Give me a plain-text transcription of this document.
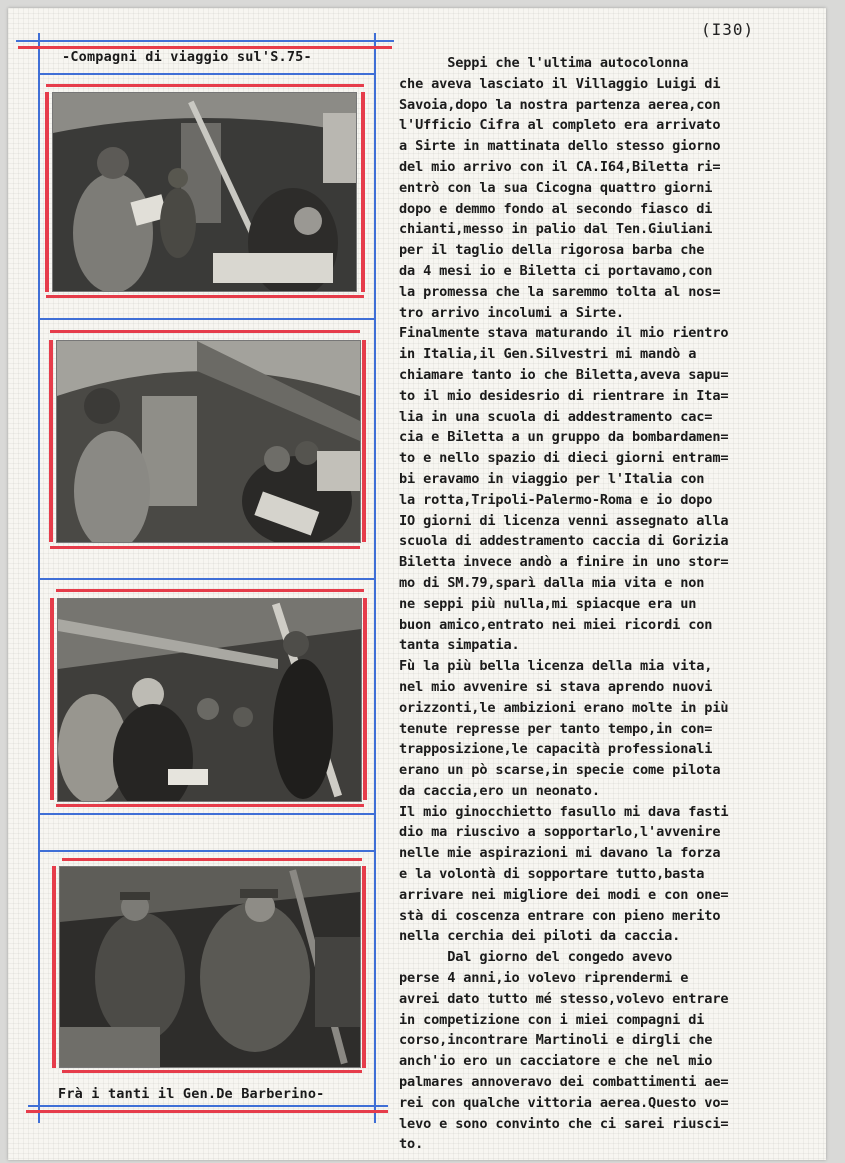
(I30)
-Compagni di viaggio sul'S.75-
Frà i tanti il Gen.De Barberino-
Seppi che l'ultima autocolonna
che aveva lasciato il Villaggio Luigi di
Savoia,dopo la nostra partenza aerea,con
l'Ufficio Cifra al completo era arrivato
a Sirte in mattinata dello stesso giorno
del mio arrivo con il CA.I64,Biletta ri=
entrò con la sua Cicogna quattro giorni
dopo e demmo fondo al secondo fiasco di
chianti,messo in palio dal Ten.Giuliani
per il taglio della rigorosa barba che
da 4 mesi io e Biletta ci portavamo,con
la promessa che la saremmo tolta al nos=
tro arrivo incolumi a Sirte.
Finalmente stava maturando il mio rientro
in Italia,il Gen.Silvestri mi mandò a
chiamare tanto io che Biletta,aveva sapu=
to il mio desidesrio di rientrare in Ita=
lia in una scuola di addestramento cac=
cia e Biletta a un gruppo da bombardamen=
to e nello spazio di dieci giorni entram=
bi eravamo in viaggio per l'Italia con
la rotta,Tripoli-Palermo-Roma e io dopo
IO giorni di licenza venni assegnato alla
scuola di addestramento caccia di Gorizia
Biletta invece andò a finire in uno stor=
mo di SM.79,sparì dalla mia vita e non
ne seppi più nulla,mi spiacque era un
buon amico,entrato nei miei ricordi con
tanta simpatia.
Fù la più bella licenza della mia vita,
nel mio avvenire si stava aprendo nuovi
orizzonti,le ambizioni erano molte in più
tenute represse per tanto tempo,in con=
trapposizione,le capacità professionali
erano un pò scarse,in specie come pilota
da caccia,ero un neonato.
Il mio ginocchietto fasullo mi dava fasti
dio ma riuscivo a sopportarlo,l'avvenire
nelle mie aspirazioni mi davano la forza
e la volontà di sopportare tutto,basta
arrivare nei migliore dei modi e con one=
stà di coscenza entrare con pieno merito
nella cerchia dei piloti da caccia.
Dal giorno del congedo avevo
perse 4 anni,io volevo riprendermi e
avrei dato tutto mé stesso,volevo entrare
in competizione con i miei compagni di
corso,incontrare Martinoli e dirgli che
anch'io ero un cacciatore e che nel mio
palmares annoveravo dei combattimenti ae=
rei con qualche vittoria aerea.Questo vo=
levo e sono convinto che ci sarei riusci=
to.
